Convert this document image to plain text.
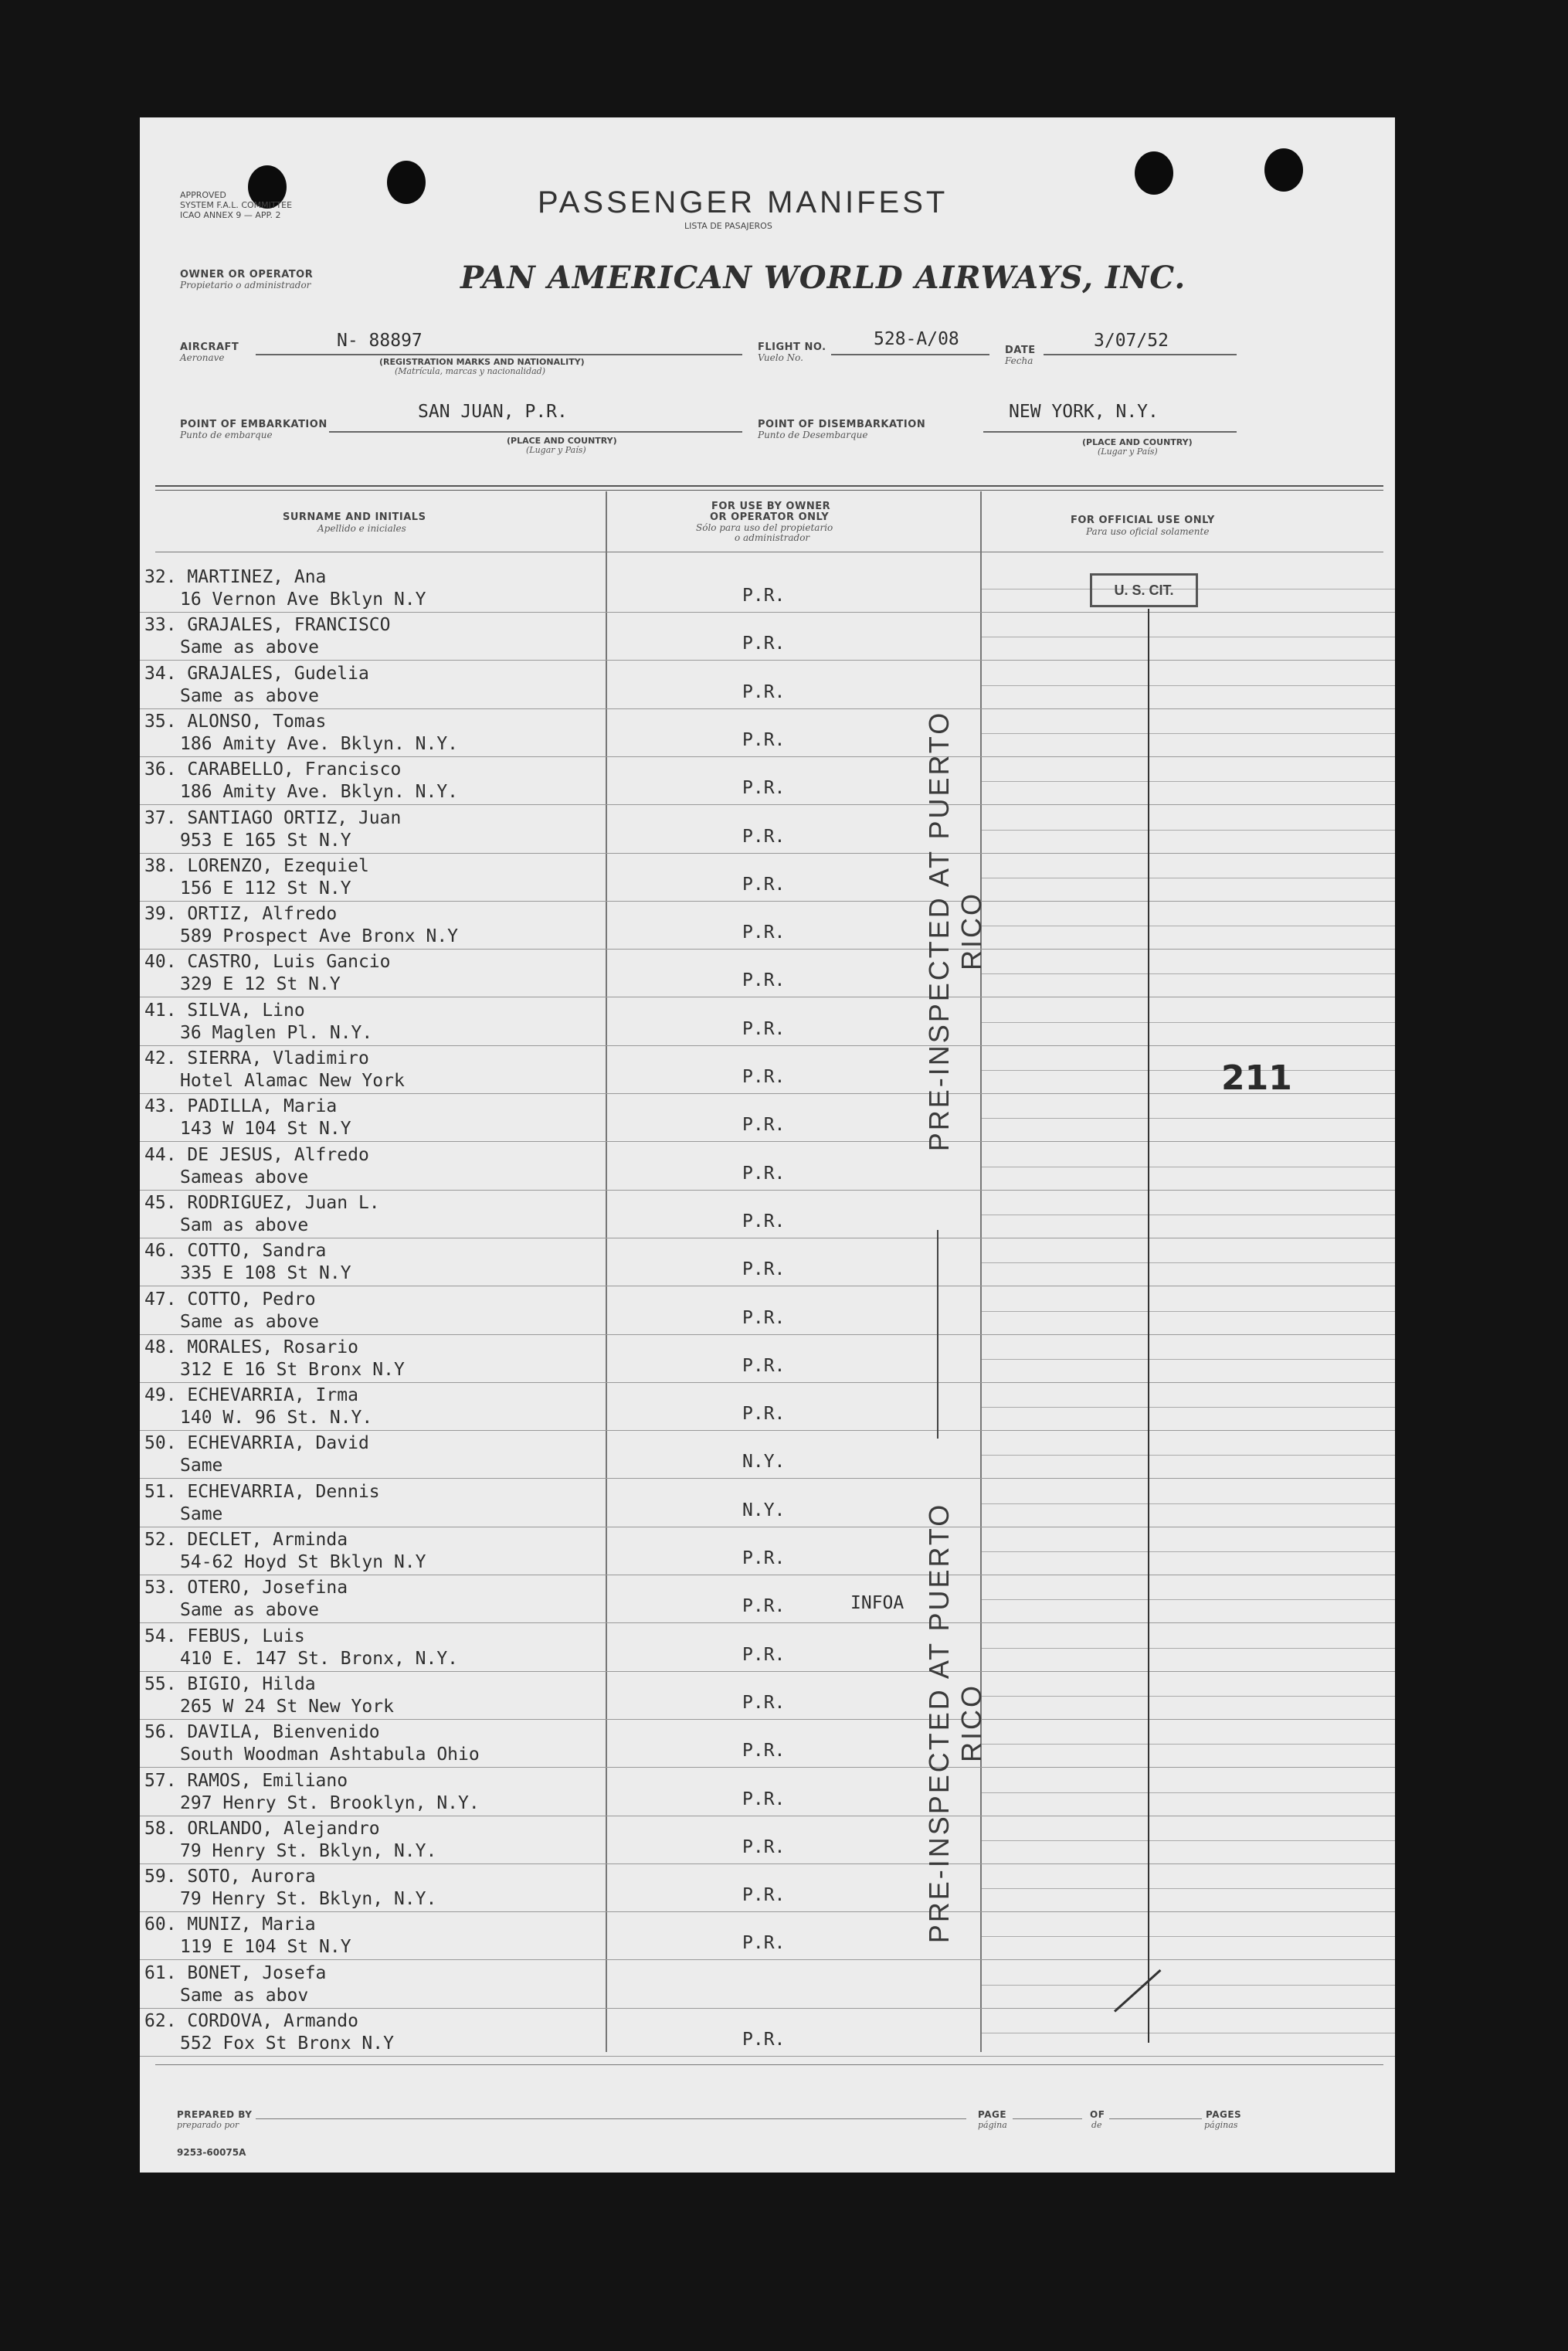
APPROVED
SYSTEM F.A.L. COMMITTEE
ICAO ANNEX 9 — APP. 2	PASSENGER MANIFEST
LISTA DE PASAJEROS
OWNER OR OPERATOR
Propietario o administrador	PAN AMERICAN WORLD AIRWAYS, INC.
AIRCRAFT
Aeronave
N- 88897
(REGISTRATION MARKS AND NATIONALITY)
(Matrícula, marcas y nacionalidad)
FLIGHT NO.
Vuelo No.
528-A/08
DATE
Fecha
3/07/52
POINT OF EMBARKATION
Punto de embarque
SAN JUAN, P.R.
(PLACE AND COUNTRY)
(Lugar y País)
POINT OF DISEMBARKATION
Punto de Desembarque
NEW YORK, N.Y.
(PLACE AND COUNTRY)
(Lugar y País)
SURNAME AND INITIALS
Apellido e iniciales
FOR USE BY OWNER
OR OPERATOR ONLY
Sólo para uso del propietario
o administrador
FOR OFFICIAL USE ONLY
Para uso oficial solamente
32. MARTINEZ, Ana
16 Vernon Ave Bklyn N.Y	P.R.
33. GRAJALES, FRANCISCO
Same as above	P.R.
34. GRAJALES, Gudelia
Same as above	P.R.
35. ALONSO, Tomas
186 Amity Ave. Bklyn. N.Y.	P.R.
36. CARABELLO, Francisco
186 Amity Ave. Bklyn. N.Y.	P.R.
37. SANTIAGO ORTIZ, Juan
953 E 165 St N.Y	P.R.
38. LORENZO, Ezequiel
156 E 112 St N.Y	P.R.
39. ORTIZ, Alfredo
589 Prospect Ave Bronx N.Y	P.R.
40. CASTRO, Luis Gancio
329 E 12 St N.Y	P.R.
41. SILVA, Lino
36 Maglen Pl. N.Y.	P.R.
42. SIERRA, Vladimiro
Hotel Alamac New York	P.R.
43. PADILLA, Maria
143 W 104 St N.Y	P.R.
44. DE JESUS, Alfredo
Sameas above	P.R.
45. RODRIGUEZ, Juan L.
Sam as above	P.R.
46. COTTO, Sandra
335 E 108 St N.Y	P.R.
47. COTTO, Pedro
Same as above	P.R.
48. MORALES, Rosario
312 E 16 St Bronx N.Y	P.R.
49. ECHEVARRIA, Irma
140 W. 96 St. N.Y.	P.R.
50. ECHEVARRIA, David
Same	N.Y.
51. ECHEVARRIA, Dennis
Same	N.Y.
52. DECLET, Arminda
54-62 Hoyd St Bklyn N.Y	P.R.
53. OTERO, Josefina
Same as above	P.R.	INFOA
54. FEBUS, Luis
410 E. 147 St. Bronx, N.Y.	P.R.
55. BIGIO, Hilda
265 W 24 St New York	P.R.
56. DAVILA, Bienvenido
South Woodman Ashtabula Ohio	P.R.
57. RAMOS, Emiliano
297 Henry St. Brooklyn, N.Y.	P.R.
58. ORLANDO, Alejandro
79 Henry St. Bklyn, N.Y.	P.R.
59. SOTO, Aurora
79 Henry St. Bklyn, N.Y.	P.R.
60. MUNIZ, Maria
119 E 104 St N.Y	P.R.
61. BONET, Josefa
Same as abov
62. CORDOVA, Armando
552 Fox St Bronx N.Y	P.R.
U. S. CIT.
PRE-INSPECTED AT PUERTO RICO
PRE-INSPECTED AT PUERTO RICO
211
PREPARED BY
preparado por
PAGE
página
OF
de
PAGES
páginas
9253-60075A
